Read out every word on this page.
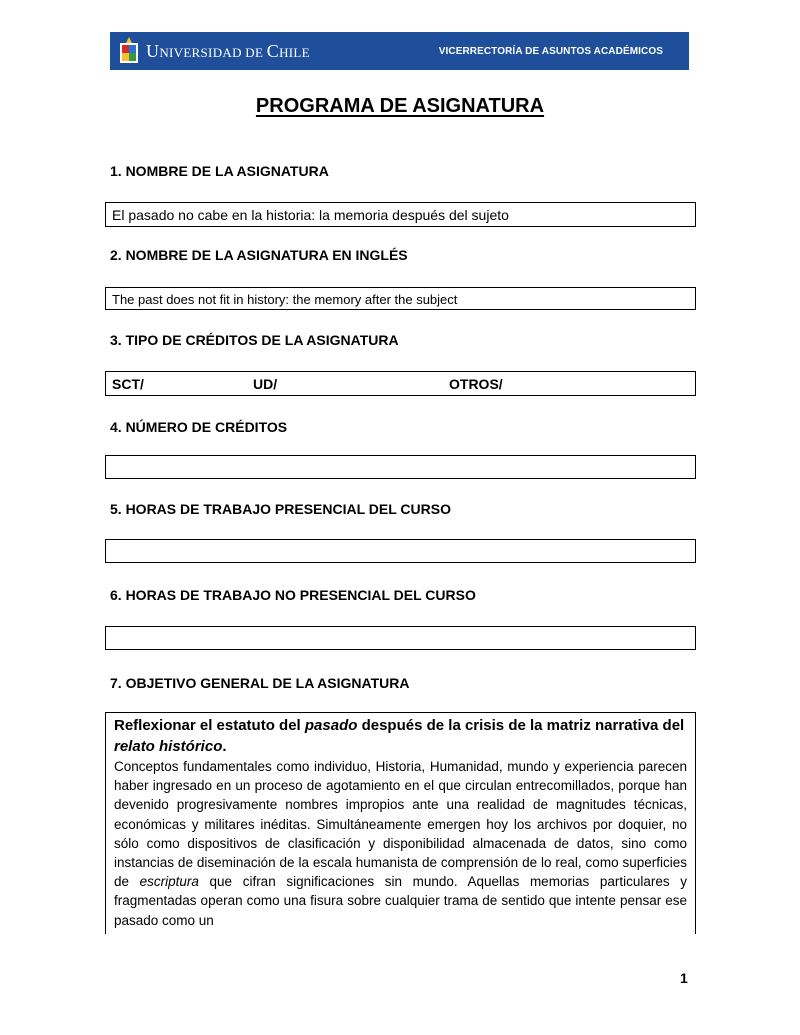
UNIVERSIDAD DE CHILE	VICERRECTORÍA DE ASUNTOS ACADÉMICOS
PROGRAMA DE ASIGNATURA
1. NOMBRE DE LA ASIGNATURA
El pasado no cabe en la historia: la memoria después del sujeto
2. NOMBRE DE LA ASIGNATURA EN INGLÉS
The past does not fit in history: the memory after the subject
3. TIPO DE CRÉDITOS DE LA ASIGNATURA
SCT/	UD/	OTROS/
4. NÚMERO DE CRÉDITOS
5. HORAS DE TRABAJO PRESENCIAL DEL CURSO
6. HORAS DE TRABAJO NO PRESENCIAL DEL CURSO
7. OBJETIVO GENERAL DE LA ASIGNATURA
Reflexionar el estatuto del pasado después de la crisis de la matriz narrativa del relato histórico.
Conceptos fundamentales como individuo, Historia, Humanidad, mundo y experiencia parecen haber ingresado en un proceso de agotamiento en el que circulan entrecomillados, porque han devenido progresivamente nombres impropios ante una realidad de magnitudes técnicas, económicas y militares inéditas. Simultáneamente emergen hoy los archivos por doquier, no sólo como dispositivos de clasificación y disponibilidad almacenada de datos, sino como instancias de diseminación de la escala humanista de comprensión de lo real, como superficies de escriptura que cifran significaciones sin mundo. Aquellas memorias particulares y fragmentadas operan como una fisura sobre cualquier trama de sentido que intente pensar ese pasado como un
1
